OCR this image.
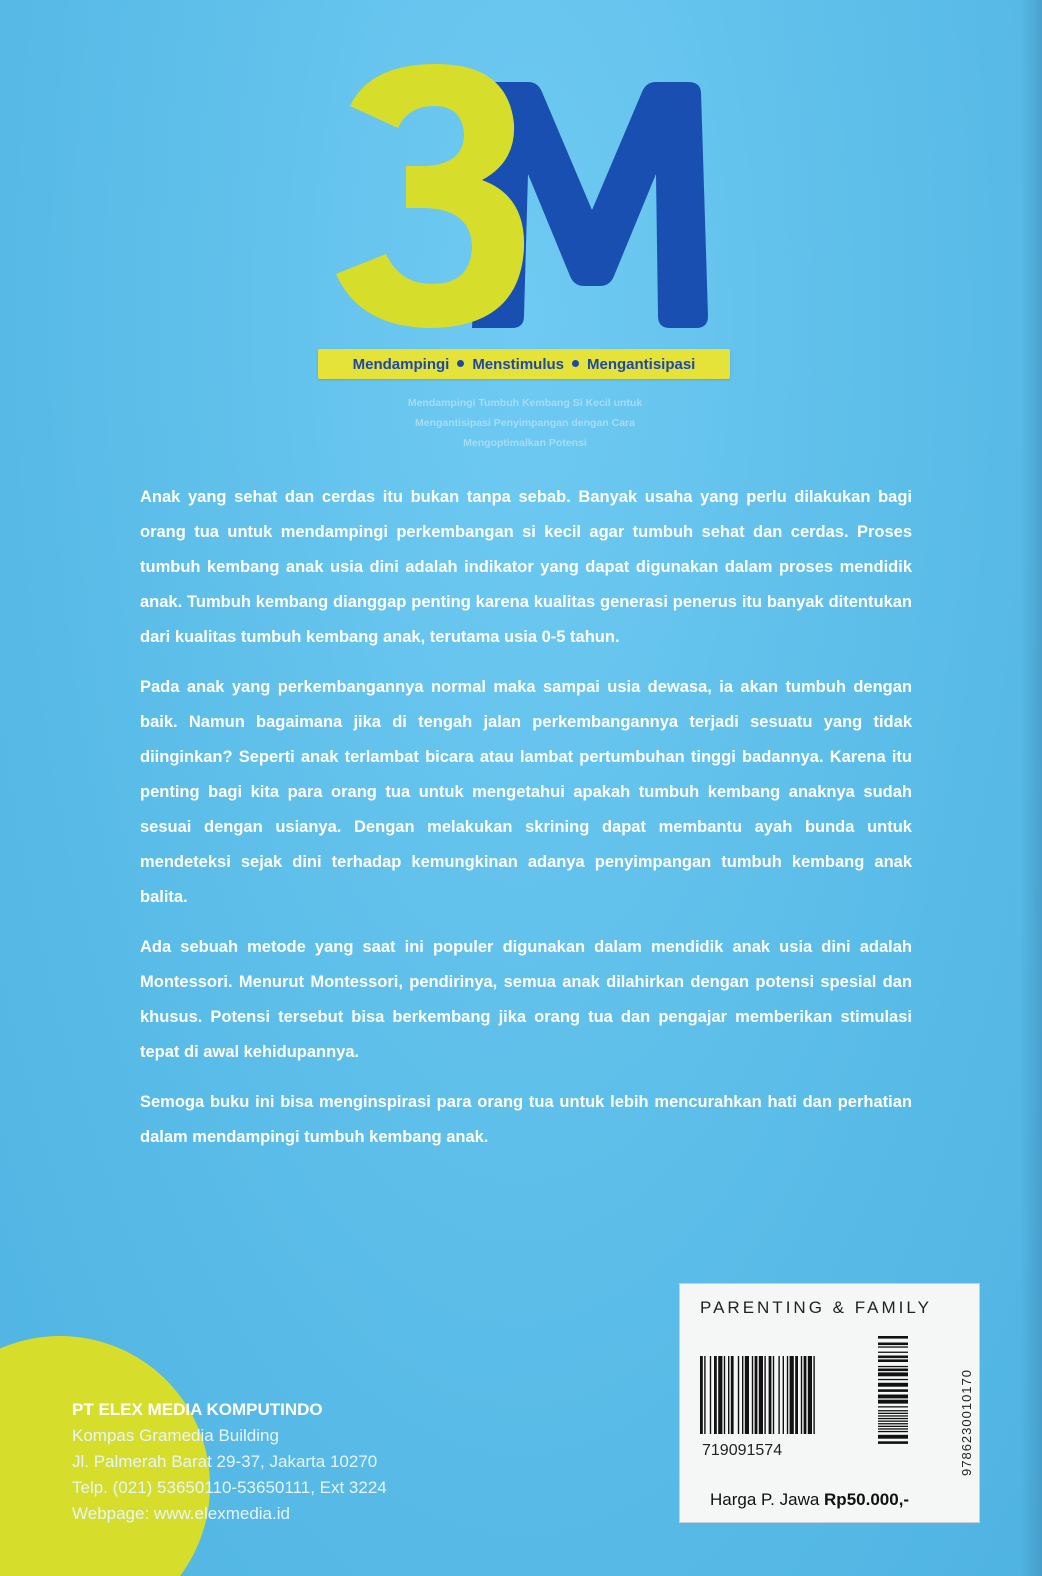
3
Mendampingi Menstimulus Mengantisipasi
Mendampingi Tumbuh Kembang Si Kecil untuk
Mengantisipasi Penyimpangan dengan Cara
Mengoptimalkan Potensi

Anak yang sehat dan cerdas itu bukan tanpa sebab. Banyak usaha yang perlu dilakukan bagi orang tua untuk mendampingi perkembangan si kecil agar tumbuh sehat dan cerdas. Proses tumbuh kembang anak usia dini adalah indikator yang dapat digunakan dalam proses mendidik anak. Tumbuh kembang dianggap penting karena kualitas generasi penerus itu banyak ditentukan dari kualitas tumbuh kembang anak, terutama usia 0-5 tahun.

Pada anak yang perkembangannya normal maka sampai usia dewasa, ia akan tumbuh dengan baik. Namun bagaimana jika di tengah jalan perkembangannya terjadi sesuatu yang tidak diinginkan? Seperti anak terlambat bicara atau lambat pertumbuhan tinggi badannya. Karena itu penting bagi kita para orang tua untuk mengetahui apakah tumbuh kembang anaknya sudah sesuai dengan usianya. Dengan melakukan skrining dapat membantu ayah bunda untuk mendeteksi sejak dini terhadap kemungkinan adanya penyimpangan tumbuh kembang anak balita.

Ada sebuah metode yang saat ini populer digunakan dalam mendidik anak usia dini adalah Montessori. Menurut Montessori, pendirinya, semua anak dilahirkan dengan potensi spesial dan khusus. Potensi tersebut bisa berkembang jika orang tua dan pengajar memberikan stimulasi tepat di awal kehidupannya.

Semoga buku ini bisa menginspirasi para orang tua untuk lebih mencurahkan hati dan perhatian dalam mendampingi tumbuh kembang anak.

PT ELEX MEDIA KOMPUTINDO
Kompas Gramedia Building
Jl. Palmerah Barat 29-37, Jakarta 10270
Telp. (021) 53650110-53650111, Ext 3224
Webpage: www.elexmedia.id
PARENTING & FAMILY
719091574	9786230010170
Harga P. Jawa Rp50.000,-
